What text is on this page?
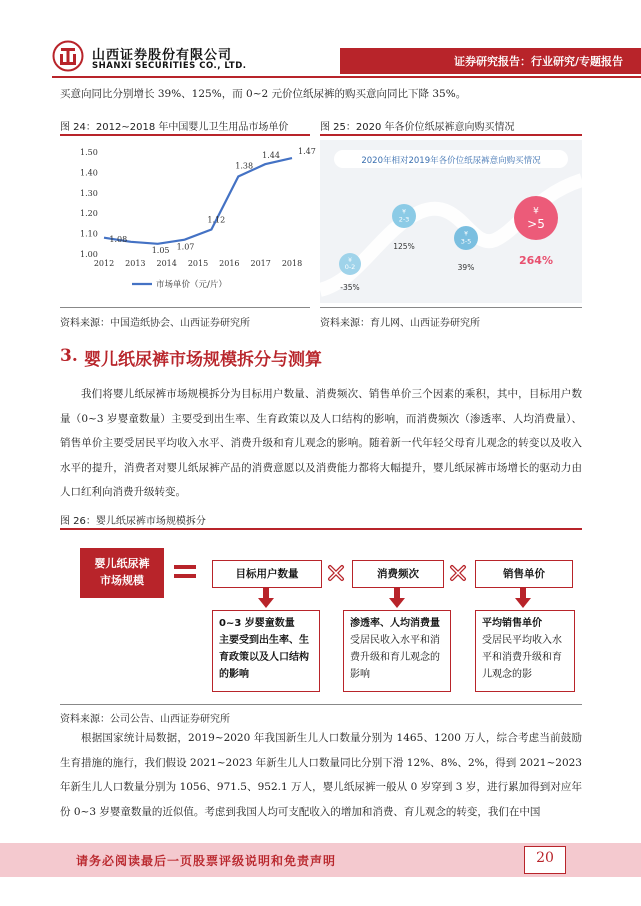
山西证券股份有限公司
SHANXI SECURITIES CO., LTD.	证券研究报告：行业研究/专题报告
买意向同比分别增长 39%、125%，而 0~2 元价位纸尿裤的购买意向同比下降 35%。
图 24：2012~2018 年中国婴儿卫生用品市场单价
1.50
1.40
1.30
1.20
1.10
1.00
2012 2013 2014 2015 2016 2017 2018
1.08
1.05 1.07
1.12
1.38
1.44 1.47
市场单价（元/片）
资料来源：中国造纸协会、山西证券研究所
图 25：2020 年各价位纸尿裤意向购买情况
2020年相对2019年各价位纸尿裤意向购买情况
¥
0-2
-35%
¥
2-3
125%
¥
3-5
39%
¥
>5
264%
资料来源：育儿网、山西证券研究所
3. 婴儿纸尿裤市场规模拆分与测算

我们将婴儿纸尿裤市场规模拆分为目标用户数量、消费频次、销售单价三个因素的乘积，其中，目标用户数量（0~3 岁婴童数量）主要受到出生率、生育政策以及人口结构的影响，而消费频次（渗透率、人均消费量）、销售单价主要受居民平均收入水平、消费升级和育儿观念的影响。随着新一代年轻父母育儿观念的转变以及收入水平的提升，消费者对婴儿纸尿裤产品的消费意愿以及消费能力都将大幅提升，婴儿纸尿裤市场增长的驱动力由人口红利向消费升级转变。

图 26：婴儿纸尿裤市场规模拆分
婴儿纸尿裤市场规模	目标用户数量	消费频次	销售单价
0~3 岁婴童数量
主要受到出生率、生育政策以及人口结构的影响
渗透率、人均消费量
受居民收入水平和消费升级和育儿观念的影响
平均销售单价
受居民平均收入水平和消费升级和育儿观念的影
资料来源：公司公告、山西证券研究所

根据国家统计局数据，2019~2020 年我国新生儿人口数量分别为 1465、1200 万人，综合考虑当前鼓励生育措施的施行，我们假设 2021~2023 年新生儿人口数量同比分别下滑 12%、8%、2%，得到 2021~2023 年新生儿人口数量分别为 1056、971.5、952.1 万人，婴儿纸尿裤一般从 0 岁穿到 3 岁，进行累加得到对应年份 0~3 岁婴童数量的近似值。考虑到我国人均可支配收入的增加和消费、育儿观念的转变，我们在中国

请务必阅读最后一页股票评级说明和免责声明	20
